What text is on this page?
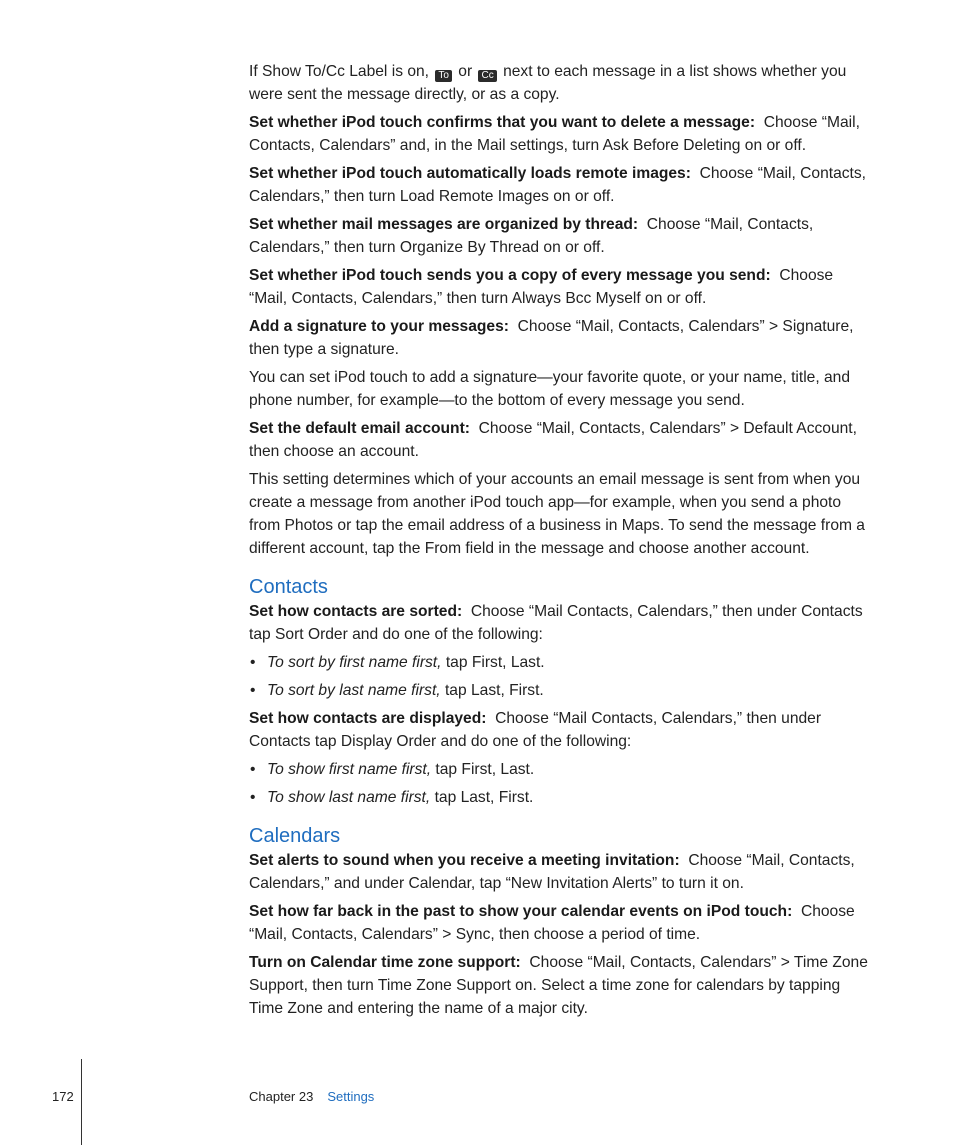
If Show To/Cc Label is on, To or Cc next to each message in a list shows whether you were sent the message directly, or as a copy.

Set whether iPod touch confirms that you want to delete a message: Choose “Mail, Contacts, Calendars” and, in the Mail settings, turn Ask Before Deleting on or off.

Set whether iPod touch automatically loads remote images: Choose “Mail, Contacts, Calendars,” then turn Load Remote Images on or off.

Set whether mail messages are organized by thread: Choose “Mail, Contacts, Calendars,” then turn Organize By Thread on or off.

Set whether iPod touch sends you a copy of every message you send: Choose “Mail, Contacts, Calendars,” then turn Always Bcc Myself on or off.

Add a signature to your messages: Choose “Mail, Contacts, Calendars” > Signature, then type a signature.

You can set iPod touch to add a signature—your favorite quote, or your name, title, and phone number, for example—to the bottom of every message you send.

Set the default email account: Choose “Mail, Contacts, Calendars” > Default Account, then choose an account.

This setting determines which of your accounts an email message is sent from when you create a message from another iPod touch app—for example, when you send a photo from Photos or tap the email address of a business in Maps. To send the message from a different account, tap the From field in the message and choose another account.

Contacts

Set how contacts are sorted: Choose “Mail Contacts, Calendars,” then under Contacts tap Sort Order and do one of the following:

• To sort by first name first, tap First, Last.
• To sort by last name first, tap Last, First.

Set how contacts are displayed: Choose “Mail Contacts, Calendars,” then under Contacts tap Display Order and do one of the following:

• To show first name first, tap First, Last.
• To show last name first, tap Last, First.
Calendars

Set alerts to sound when you receive a meeting invitation: Choose “Mail, Contacts, Calendars,” and under Calendar, tap “New Invitation Alerts” to turn it on.

Set how far back in the past to show your calendar events on iPod touch: Choose “Mail, Contacts, Calendars” > Sync, then choose a period of time.

Turn on Calendar time zone support: Choose “Mail, Contacts, Calendars” > Time Zone Support, then turn Time Zone Support on. Select a time zone for calendars by tapping Time Zone and entering the name of a major city.

172	Chapter 23 Settings
